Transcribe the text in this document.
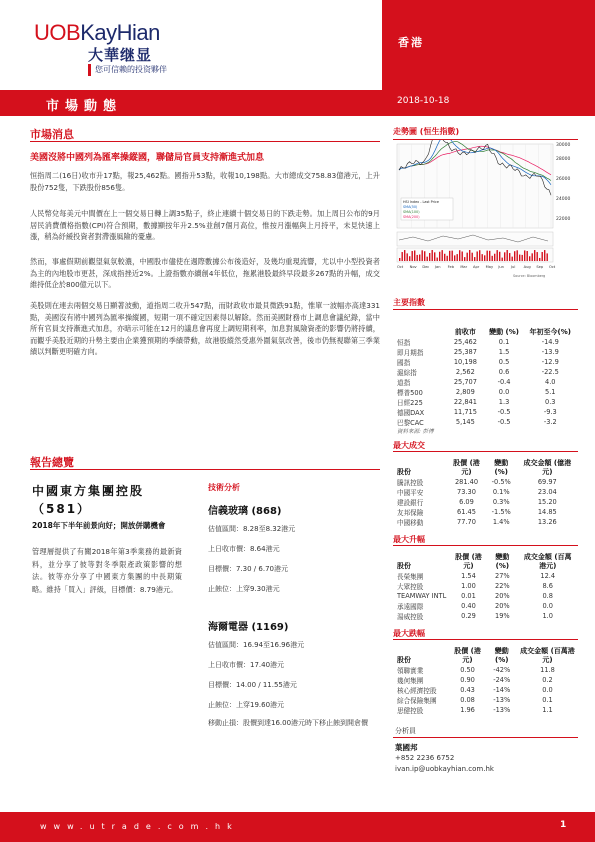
UOBKayHian
大華继显
您可信赖的投资夥伴
香港
市場動態	2018-10-18
市場消息
美國沒將中國列為匯率操縱國，聯儲局官員支持漸進式加息
恒指周二(16日)收市升17點，報25,462點。國指升53點，收報10,198點。大市總成交758.83億港元，上升股份752隻，下跌股份856隻。
人民幣兌每美元中間價在上一個交易日轉上調35點子，終止連續十個交易日的下跌走勢。加上周日公布的9月居民消費價格指數(CPI)符合預期，數據顯按年升2.5%並創7個月高位，惟按月漲幅與上月持平，未見快速上漲，稍為紓緩投資者對滯漲風險的憂慮。
然而，事處假期前觀望氣氛較濃，中國股市儘使在週際數據公布後造好，及幾均重現流響，尤以中小型投資者為主的內地股市更甚，深成指挫近2%。上證指數亦續創4年低位，拖累港股最終早段最多267點的升幅，成交維持低企於800億元以下。
美股則在連去兩個交易日顯著波動，道指周二收升547點，而財政收市最貝微跌91點，惟單一波幅亦高達331點，美國沒有將中國列為匯率操縱國，短期一項不確定因素得以解除。然而美國財務市上調息會議紀錄，當中所有官員支持漸進式加息，亦暗示可能在12月的議息會再度上調短期利率，加息對風險資產的影響仍將持續，而觀乎美股近期的升勢主要由企業獲預期的季績帶動，故港股縱然受惠外圍氣氛改善，後市仍無視聯第三季業績以判斷更明確方向。
走勢圖 (恒生指數)
30000
28000
26000
24000
22000
Oct Nov Dec Jan Feb Mar Apr May Jun Jul Aug Sep Oct
HSI Index - Last Price
SMA(50)
SMA(100)
SMA(200)
Source: Bloomberg
主要指數
	前收市	變動 (%)	年初至今(%)
恒指	25,462	0.1	-14.9
即月期指	25,387	1.5	-13.9
國指	10,198	0.5	-12.9
滬綜指	2,562	0.6	-22.5
道指	25,707	-0.4	4.0
標普500	2,809	0.0	5.1
日經225	22,841	1.3	0.3
德國DAX	11,715	-0.5	-9.3
巴黎CAC	5,145	-0.5	-3.2
資料來源: 彭博
最大成交
股份	股價 (港元)	變動 (%)	成交金額 (億港元)
騰訊控股	281.40	-0.5%	69.97
中國平安	73.30	0.1%	23.04
建設銀行	6.09	0.3%	15.20
友邦保險	61.45	-1.5%	14.85
中國移動	77.70	1.4%	13.26
最大升幅
股份	股價 (港元)	變動 (%)	成交金額 (百萬港元)
長榮集團	1.54	27%	12.4
大眾控股	1.00	22%	8.6
TEAMWAY INTL	0.01	20%	0.8
承遠國際	0.40	20%	0.0
湯威控股	0.29	19%	1.0
最大跌幅
股份	股價 (港元)	變動 (%)	成交金額 (百萬港元)
領聯實業	0.50	-42%	11.8
幾何集團	0.90	-24%	0.2
核心經濟控股	0.43	-14%	0.0
綜合保險集團	0.08	-13%	0.1
思健控股	1.96	-13%	1.1
分析員
葉國邦
+852 2236 6752
ivan.ip@uobkayhian.com.hk
報告總覽
中國東方集團控股（581）
2018年下半年前景向好；開放併購機會
管理層提供了有關2018年第3季業務的最新資料，並分享了彼等對冬季限產政策影響的想法。彼等亦分享了中國東方集團的中長期策略。維持「買入」評級，目標價：8.79港元。
技術分析
信義玻璃 (868)
估值區間：8.28至8.32港元
上日收市價：8.64港元
目標價：7.30 / 6.70港元
止蝕位：上穿9.30港元
海爾電器 (1169)
估值區間：16.94至16.96港元
上日收市價：17.40港元
目標價：14.00 / 11.55港元
止蝕位：上穿19.60港元
移動止損：股價到達16.00港元時下移止蝕到開倉價
www.utrade.com.hk	1
